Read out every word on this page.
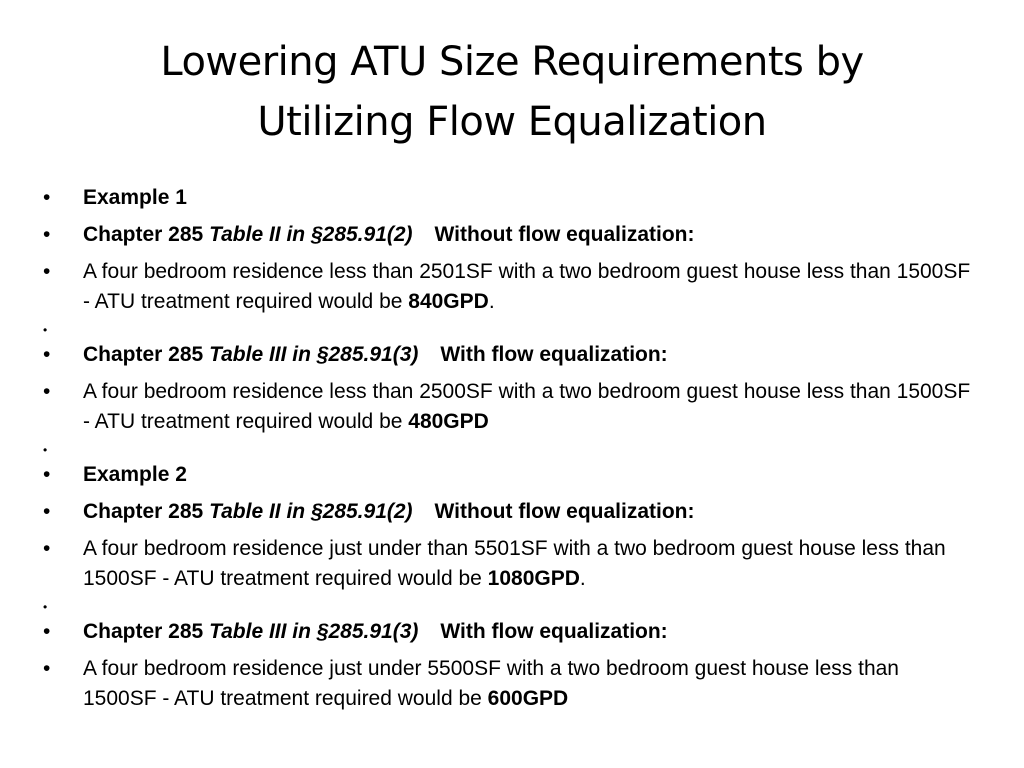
Lowering ATU Size Requirements by
Utilizing Flow Equalization
•	Example 1
•	Chapter 285 Table II in §285.91(2) Without flow equalization:
•	A four bedroom residence less than 2501SF with a two bedroom guest house less than 1500SF - ATU treatment required would be 840GPD.
•
•	Chapter 285 Table III in §285.91(3) With flow equalization:
•	A four bedroom residence less than 2500SF with a two bedroom guest house less than 1500SF - ATU treatment required would be 480GPD
•
•	Example 2
•	Chapter 285 Table II in §285.91(2) Without flow equalization:
•	A four bedroom residence just under than 5501SF with a two bedroom guest house less than 1500SF - ATU treatment required would be 1080GPD.
•
•	Chapter 285 Table III in §285.91(3) With flow equalization:
•	A four bedroom residence just under 5500SF with a two bedroom guest house less than 1500SF - ATU treatment required would be 600GPD
